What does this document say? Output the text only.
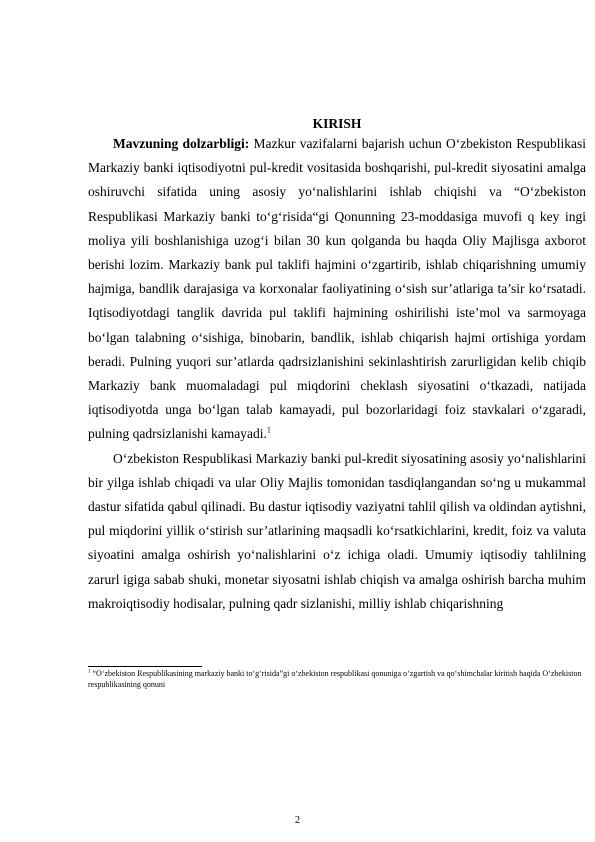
KIRISH

Mavzuning dolzarbligi: Mazkur vazifalarni bajarish uchun O‘zbekiston Respublikasi Markaziy banki iqtisodiyotni pul-kredit vositasida boshqarishi, pul-kredit siyosatini amalga oshiruvchi sifatida uning asosiy yo‘nalishlarini ishlab chiqishi va “O‘zbekiston Respublikasi Markaziy banki to‘g‘risida“gi Qonunning 23-moddasiga muvofi q key ingi moliya yili boshlanishiga uzog‘i bilan 30 kun qolganda bu haqda Oliy Majlisga axborot berishi lozim. Markaziy bank pul taklifi hajmini o‘zgartirib, ishlab chiqarishning umumiy hajmiga, bandlik darajasiga va korxonalar faoliyatining o‘sish sur’atlariga ta’sir ko‘rsatadi. Iqtisodiyotdagi tanglik davrida pul taklifi hajmining oshirilishi iste’mol va sarmoyaga bo‘lgan talabning o‘sishiga, binobarin, bandlik, ishlab chiqarish hajmi ortishiga yordam beradi. Pulning yuqori sur’atlarda qadrsizlanishini sekinlashtirish zarurligidan kelib chiqib Markaziy bank muomaladagi pul miqdorini cheklash siyosatini o‘tkazadi, natijada iqtisodiyotda unga bo‘lgan talab kamayadi, pul bozorlaridagi foiz stavkalari o‘zgaradi, pulning qadrsizlanishi kamayadi.$^1$

O‘zbekiston Respublikasi Markaziy banki pul-kredit siyosatining asosiy yo‘nalishlarini bir yilga ishlab chiqadi va ular Oliy Majlis tomonidan tasdiqlangandan so‘ng u mukammal dastur sifatida qabul qilinadi. Bu dastur iqtisodiy vaziyatni tahlil qilish va oldindan aytishni, pul miqdorini yillik o‘stirish sur’atlarining maqsadli ko‘rsatkichlarini, kredit, foiz va valuta siyoatini amalga oshirish yo‘nalishlarini o‘z ichiga oladi. Umumiy iqtisodiy tahlilning zarurl igiga sabab shuki, monetar siyosatni ishlab chiqish va amalga oshirish barcha muhim makroiqtisodiy hodisalar, pulning qadr sizlanishi, milliy ishlab chiqarishning

$^1$ “O‘zbekiston Respublikasining markaziy banki to‘g‘risida”gi o‘zbekiston respublikasi qonuniga o‘zgartish va qo‘shimchalar kiritish haqida O‘zbekiston respublikasining qonuni
2
